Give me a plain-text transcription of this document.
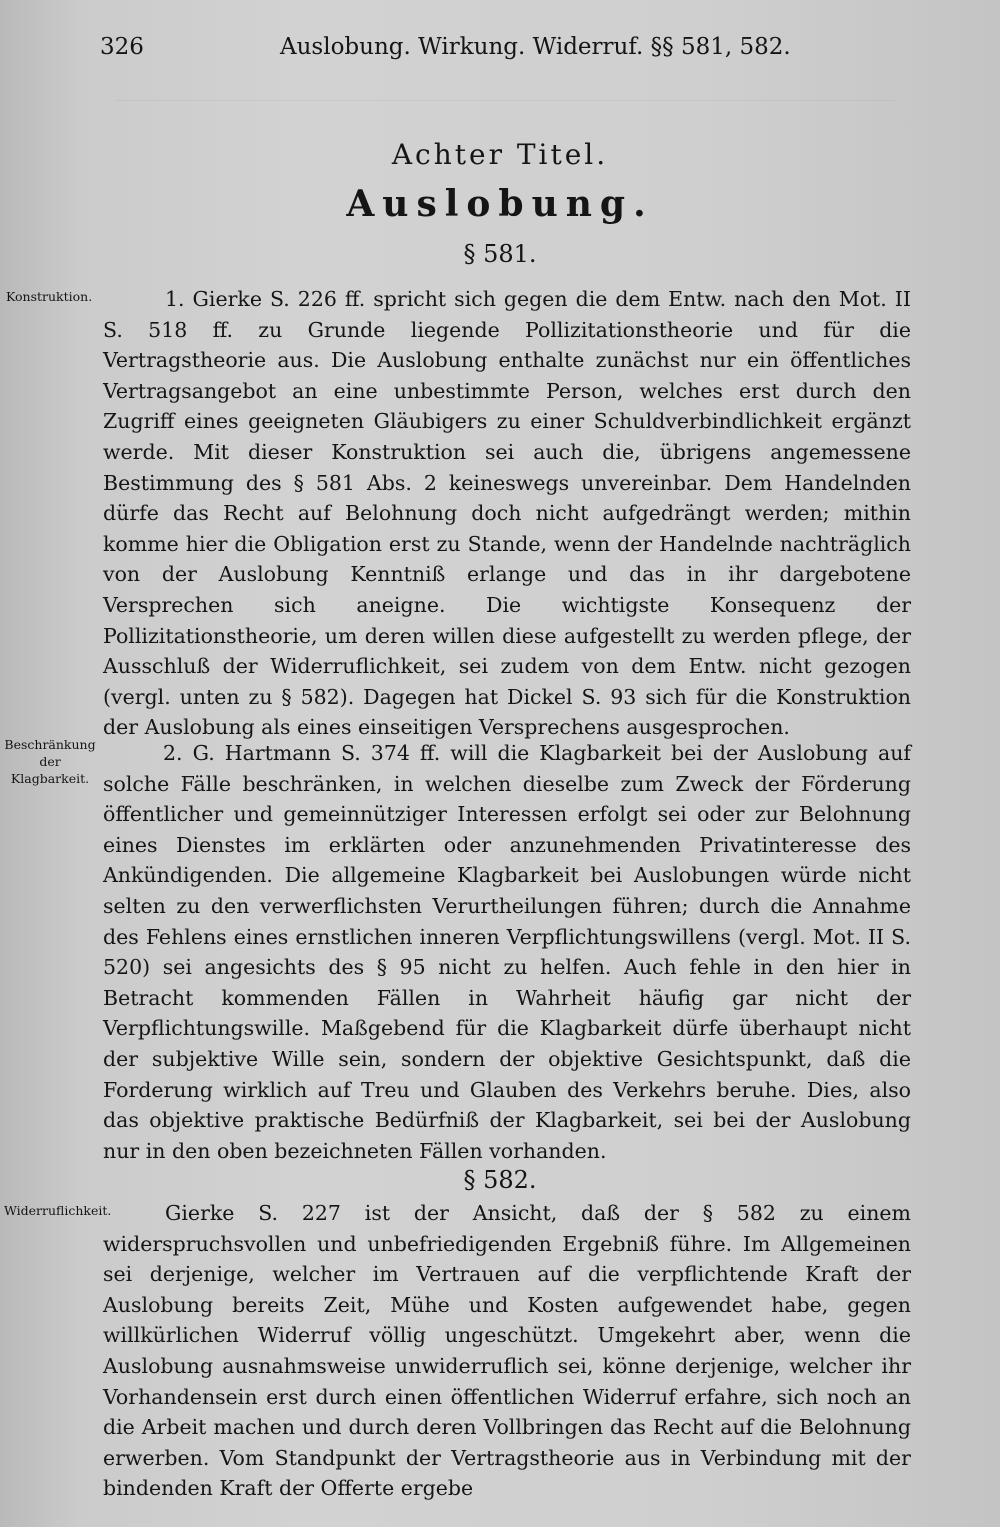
326	Auslobung. Wirkung. Widerruf. §§ 581, 582.
Achter Titel.
Auslobung.
§ 581.
Konstruktion.	1. Gierke S. 226 ff. spricht sich gegen die dem Entw. nach den Mot. II S. 518 ff. zu Grunde liegende Pollizitationstheorie und für die Vertragstheorie aus. Die Auslobung enthalte zunächst nur ein öffentliches Vertragsangebot an eine unbestimmte Person, welches erst durch den Zugriff eines geeigneten Gläubigers zu einer Schuldverbindlichkeit ergänzt werde. Mit dieser Konstruktion sei auch die, übrigens angemessene Bestimmung des § 581 Abs. 2 keineswegs unvereinbar. Dem Handelnden dürfe das Recht auf Belohnung doch nicht aufgedrängt werden; mithin komme hier die Obligation erst zu Stande, wenn der Handelnde nachträglich von der Auslobung Kenntniß erlange und das in ihr dargebotene Versprechen sich aneigne. Die wichtigste Konsequenz der Pollizitationstheorie, um deren willen diese aufgestellt zu werden pflege, der Ausschluß der Widerruflichkeit, sei zudem von dem Entw. nicht gezogen (vergl. unten zu § 582). Dagegen hat Dickel S. 93 sich für die Konstruktion der Auslobung als eines einseitigen Versprechens ausgesprochen.
Beschränkung der Klagbarkeit.
2. G. Hartmann S. 374 ff. will die Klagbarkeit bei der Auslobung auf solche Fälle beschränken, in welchen dieselbe zum Zweck der Förderung öffentlicher und gemeinnütziger Interessen erfolgt sei oder zur Belohnung eines Dienstes im erklärten oder anzunehmenden Privatinteresse des Ankündigenden. Die allgemeine Klagbarkeit bei Auslobungen würde nicht selten zu den verwerflichsten Verurtheilungen führen; durch die Annahme des Fehlens eines ernstlichen inneren Verpflichtungswillens (vergl. Mot. II S. 520) sei angesichts des § 95 nicht zu helfen. Auch fehle in den hier in Betracht kommenden Fällen in Wahrheit häufig gar nicht der Verpflichtungswille. Maßgebend für die Klagbarkeit dürfe überhaupt nicht der subjektive Wille sein, sondern der objektive Gesichtspunkt, daß die Forderung wirklich auf Treu und Glauben des Verkehrs beruhe. Dies, also das objektive praktische Bedürfniß der Klagbarkeit, sei bei der Auslobung nur in den oben bezeichneten Fällen vorhanden.
§ 582.
Widerruflichkeit.	Gierke S. 227 ist der Ansicht, daß der § 582 zu einem widerspruchsvollen und unbefriedigenden Ergebniß führe. Im Allgemeinen sei derjenige, welcher im Vertrauen auf die verpflichtende Kraft der Auslobung bereits Zeit, Mühe und Kosten aufgewendet habe, gegen willkürlichen Widerruf völlig ungeschützt. Umgekehrt aber, wenn die Auslobung ausnahmsweise unwiderruflich sei, könne derjenige, welcher ihr Vorhandensein erst durch einen öffentlichen Widerruf erfahre, sich noch an die Arbeit machen und durch deren Vollbringen das Recht auf die Belohnung erwerben. Vom Standpunkt der Vertragstheorie aus in Verbindung mit der bindenden Kraft der Offerte ergebe
